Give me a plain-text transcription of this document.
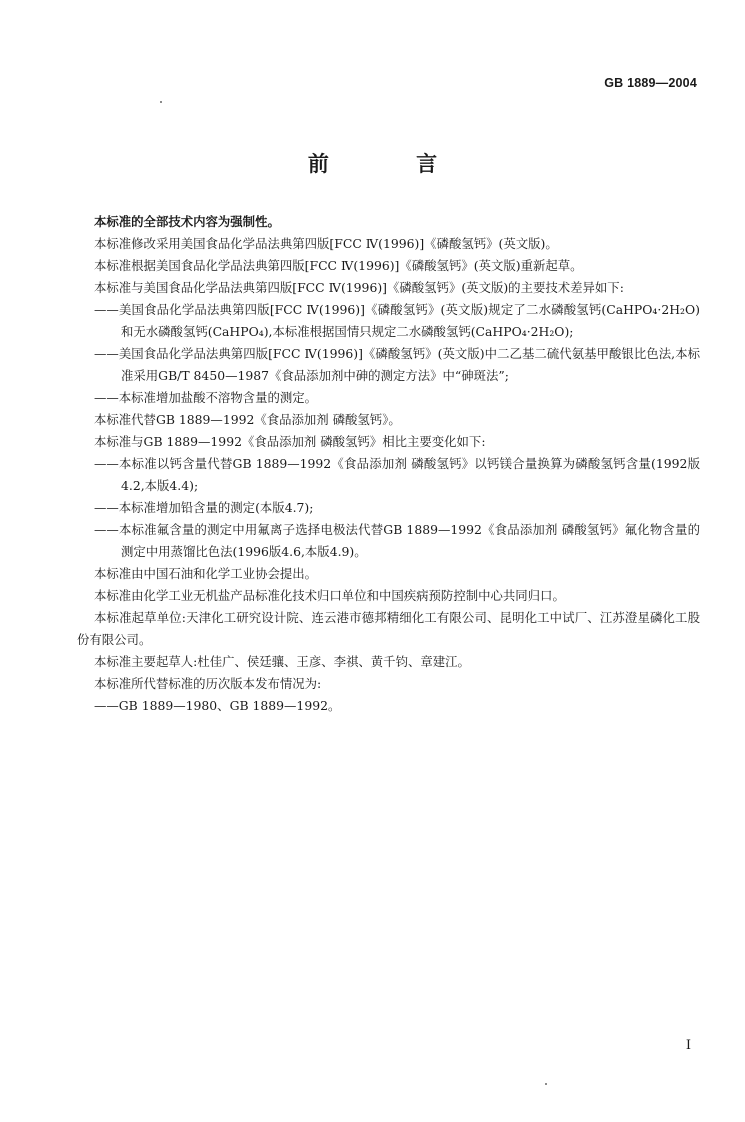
GB 1889—2004
前 言

本标准的全部技术内容为强制性。

本标准修改采用美国食品化学品法典第四版[FCC Ⅳ(1996)]《磷酸氢钙》(英文版)。

本标准根据美国食品化学品法典第四版[FCC Ⅳ(1996)]《磷酸氢钙》(英文版)重新起草。

本标准与美国食品化学品法典第四版[FCC Ⅳ(1996)]《磷酸氢钙》(英文版)的主要技术差异如下:

——美国食品化学品法典第四版[FCC Ⅳ(1996)]《磷酸氢钙》(英文版)规定了二水磷酸氢钙(CaHPO₄·2H₂O)和无水磷酸氢钙(CaHPO₄),本标准根据国情只规定二水磷酸氢钙(CaHPO₄·2H₂O);

——美国食品化学品法典第四版[FCC Ⅳ(1996)]《磷酸氢钙》(英文版)中二乙基二硫代氨基甲酸银比色法,本标准采用GB/T 8450—1987《食品添加剂中砷的测定方法》中“砷斑法”;

——本标准增加盐酸不溶物含量的测定。

本标准代替GB 1889—1992《食品添加剂 磷酸氢钙》。

本标准与GB 1889—1992《食品添加剂 磷酸氢钙》相比主要变化如下:

——本标准以钙含量代替GB 1889—1992《食品添加剂 磷酸氢钙》以钙镁合量换算为磷酸氢钙含量(1992版4.2,本版4.4);

——本标准增加铅含量的测定(本版4.7);

——本标准氟含量的测定中用氟离子选择电极法代替GB 1889—1992《食品添加剂 磷酸氢钙》氟化物含量的测定中用蒸馏比色法(1996版4.6,本版4.9)。

本标准由中国石油和化学工业协会提出。

本标准由化学工业无机盐产品标准化技术归口单位和中国疾病预防控制中心共同归口。

本标准起草单位:天津化工研究设计院、连云港市德邦精细化工有限公司、昆明化工中试厂、江苏澄星磷化工股份有限公司。

本标准主要起草人:杜佳广、侯廷骧、王彦、李祺、黄千钧、章建江。

本标准所代替标准的历次版本发布情况为:

——GB 1889—1980、GB 1889—1992。

I
